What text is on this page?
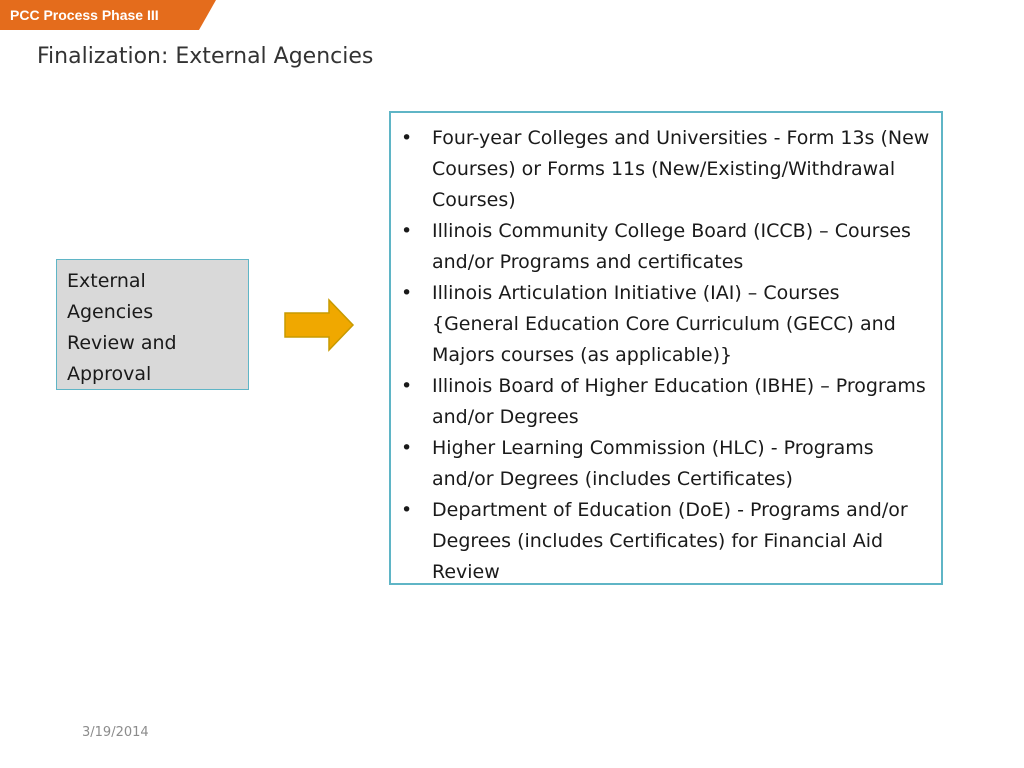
PCC Process Phase III
Finalization: External Agencies
External
Agencies
Review and
Approval
• Four-year Colleges and Universities - Form 13s (New Courses) or Forms 11s (New/Existing/Withdrawal Courses)
• Illinois Community College Board (ICCB) – Courses and/or Programs and certificates
• Illinois Articulation Initiative (IAI) – Courses {General Education Core Curriculum (GECC) and Majors courses (as applicable)}
• Illinois Board of Higher Education (IBHE) – Programs and/or Degrees
• Higher Learning Commission (HLC) - Programs and/or Degrees (includes Certificates)
• Department of Education (DoE) - Programs and/or Degrees (includes Certificates) for Financial Aid Review
3/19/2014
